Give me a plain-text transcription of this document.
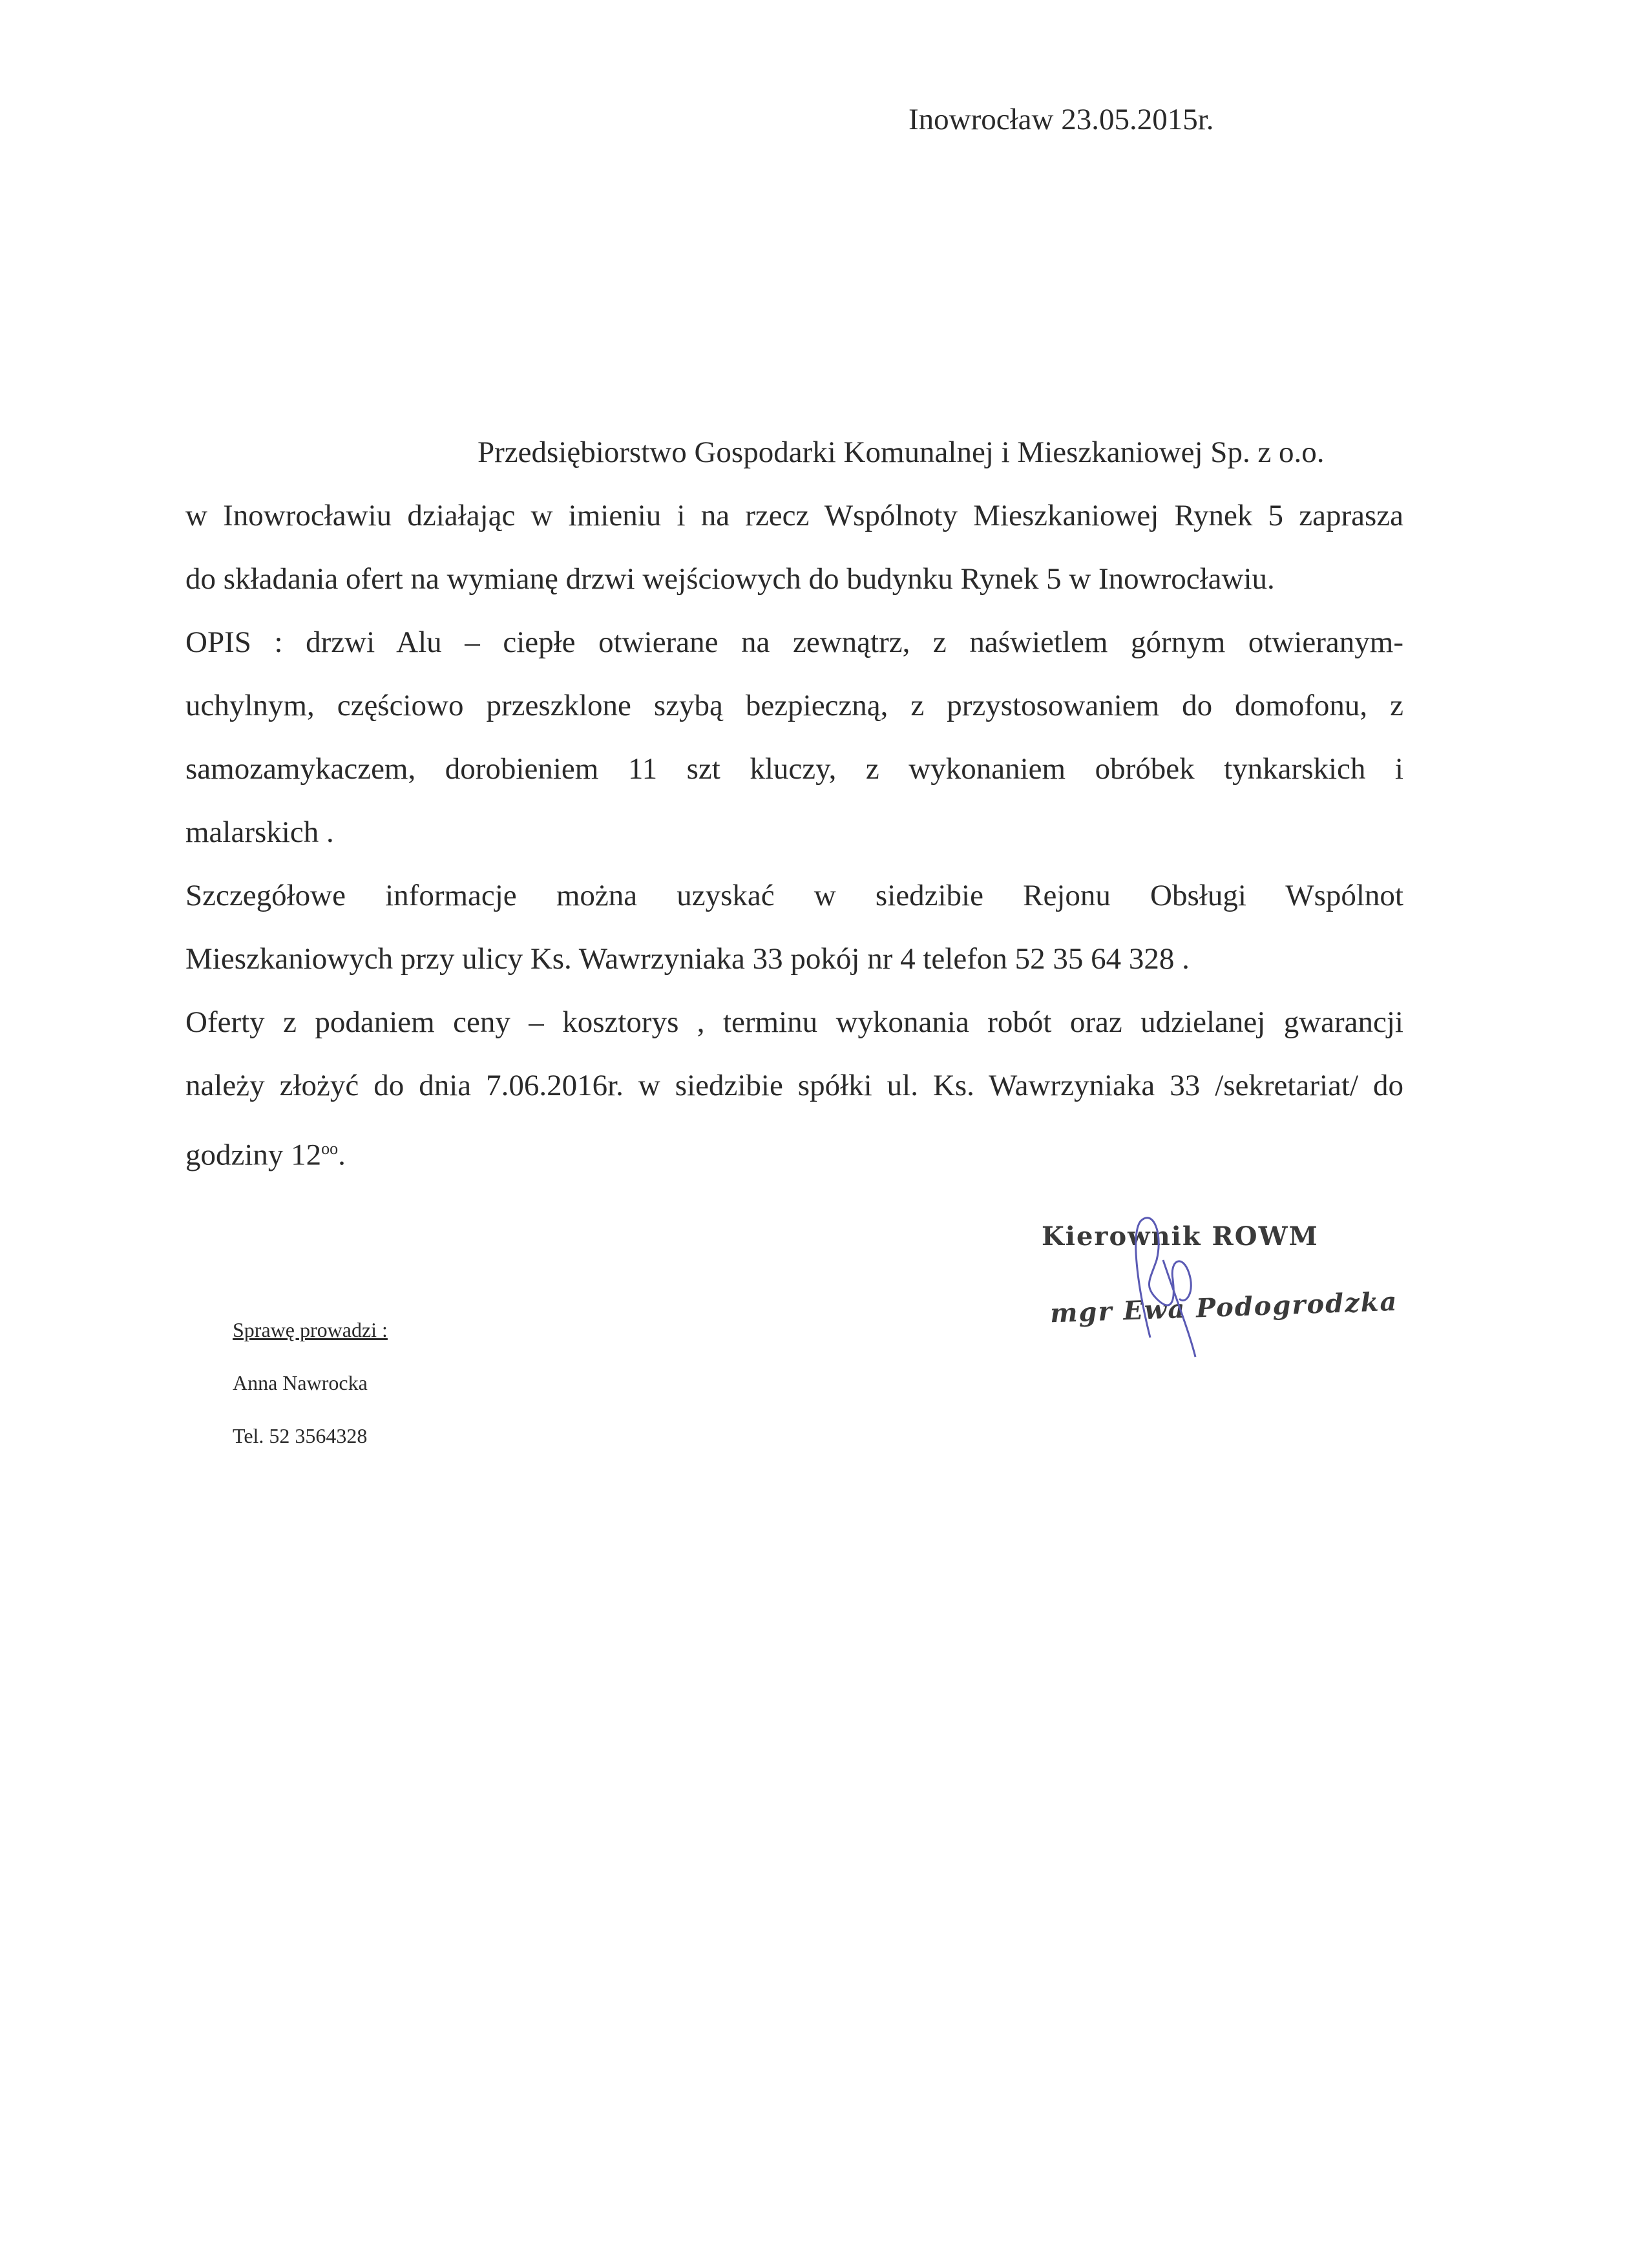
Inowrocław 23.05.2015r.
Przedsiębiorstwo Gospodarki Komunalnej i Mieszkaniowej Sp. z o.o.
w Inowrocławiu działając w imieniu i na rzecz Wspólnoty Mieszkaniowej Rynek 5 zaprasza
do składania ofert na wymianę drzwi wejściowych do budynku Rynek 5 w Inowrocławiu.
OPIS : drzwi Alu – ciepłe otwierane na zewnątrz, z naświetlem górnym otwieranym-
uchylnym, częściowo przeszklone szybą bezpieczną, z przystosowaniem do domofonu, z
samozamykaczem, dorobieniem 11 szt kluczy, z wykonaniem obróbek tynkarskich i
malarskich .
Szczegółowe informacje można uzyskać w siedzibie Rejonu Obsługi Wspólnot
Mieszkaniowych przy ulicy Ks. Wawrzyniaka 33 pokój nr 4 telefon 52 35 64 328 .
Oferty z podaniem ceny – kosztorys , terminu wykonania robót oraz udzielanej gwarancji
należy złożyć do dnia 7.06.2016r. w siedzibie spółki ul. Ks. Wawrzyniaka 33 /sekretariat/ do
godziny $12^{oo}$.
Sprawę prowadzi :
Anna Nawrocka
Tel. 52 3564328
Kierownik ROWM
mgr Ewa Podogrodzka
